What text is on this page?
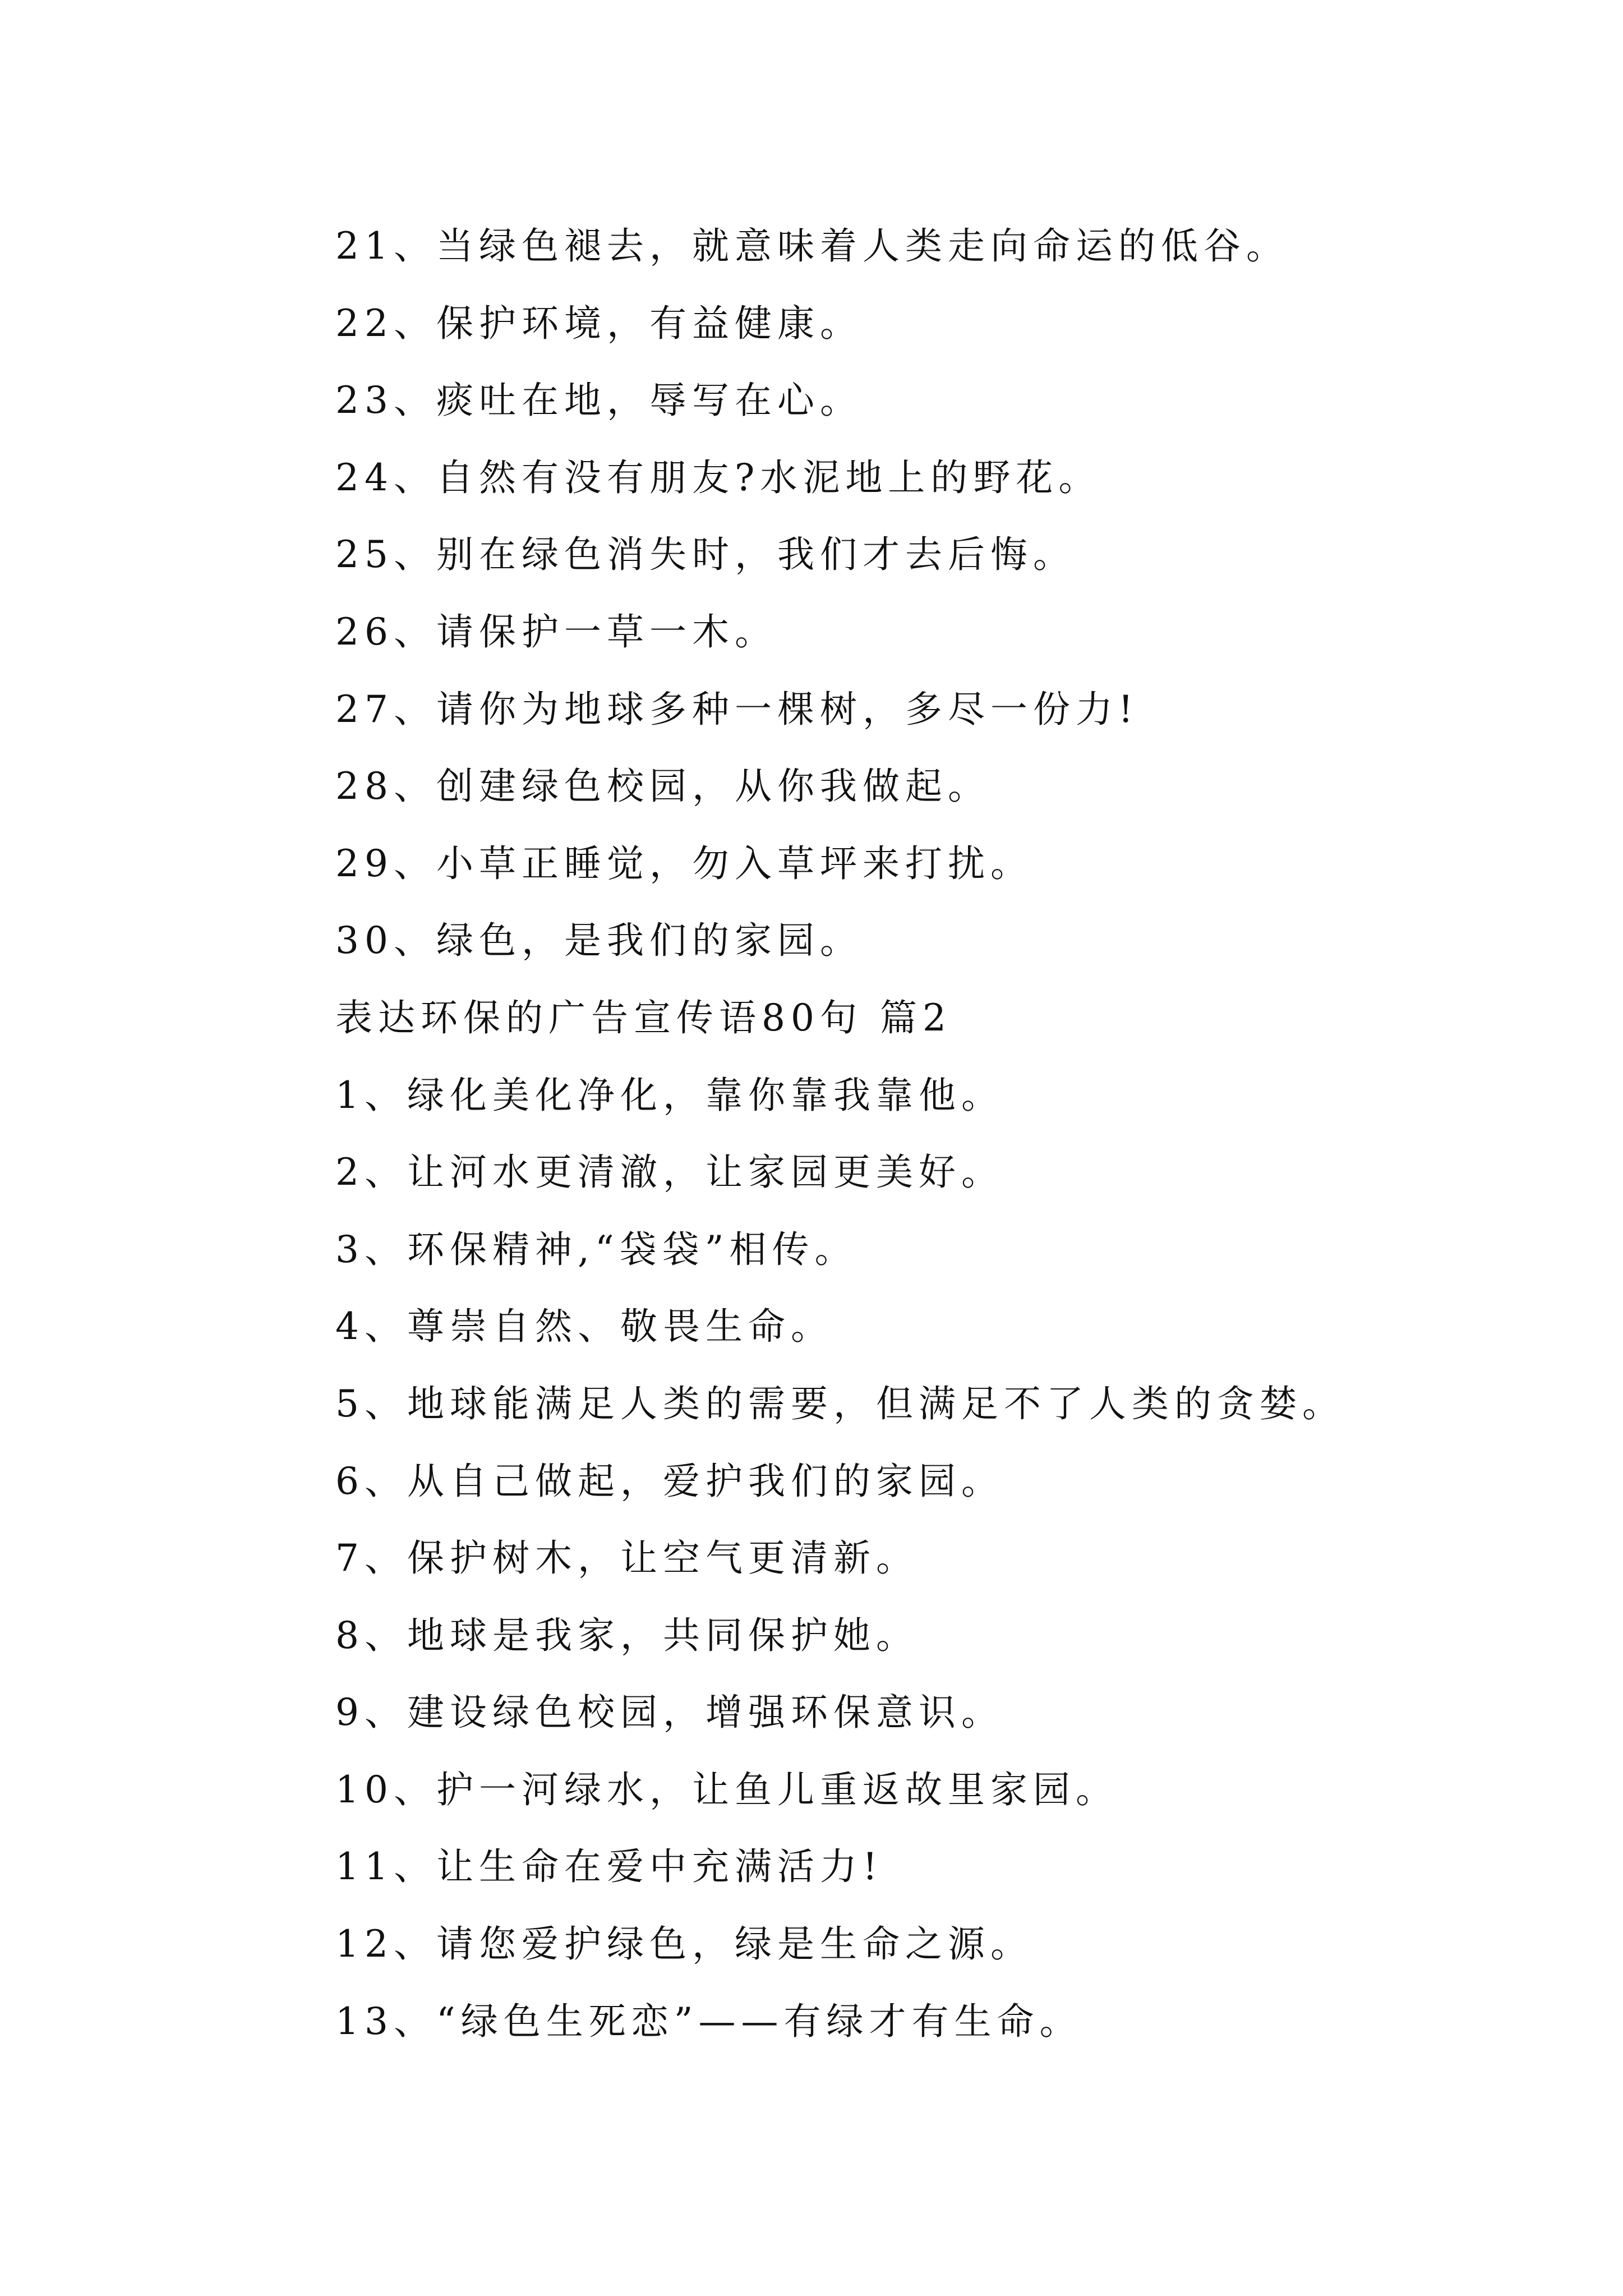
21、当绿色褪去，就意味着人类走向命运的低谷。
22、保护环境，有益健康。
23、痰吐在地，辱写在心。
24、自然有没有朋友?水泥地上的野花。
25、别在绿色消失时，我们才去后悔。
26、请保护一草一木。
27、请你为地球多种一棵树，多尽一份力!
28、创建绿色校园，从你我做起。
29、小草正睡觉，勿入草坪来打扰。
30、绿色，是我们的家园。
表达环保的广告宣传语80句 篇2
1、绿化美化净化，靠你靠我靠他。
2、让河水更清澈，让家园更美好。
3、环保精神,“袋袋”相传。
4、尊崇自然、敬畏生命。
5、地球能满足人类的需要，但满足不了人类的贪婪。
6、从自己做起，爱护我们的家园。
7、保护树木，让空气更清新。
8、地球是我家，共同保护她。
9、建设绿色校园，增强环保意识。
10、护一河绿水，让鱼儿重返故里家园。
11、让生命在爱中充满活力!
12、请您爱护绿色，绿是生命之源。
13、“绿色生死恋”——有绿才有生命。
